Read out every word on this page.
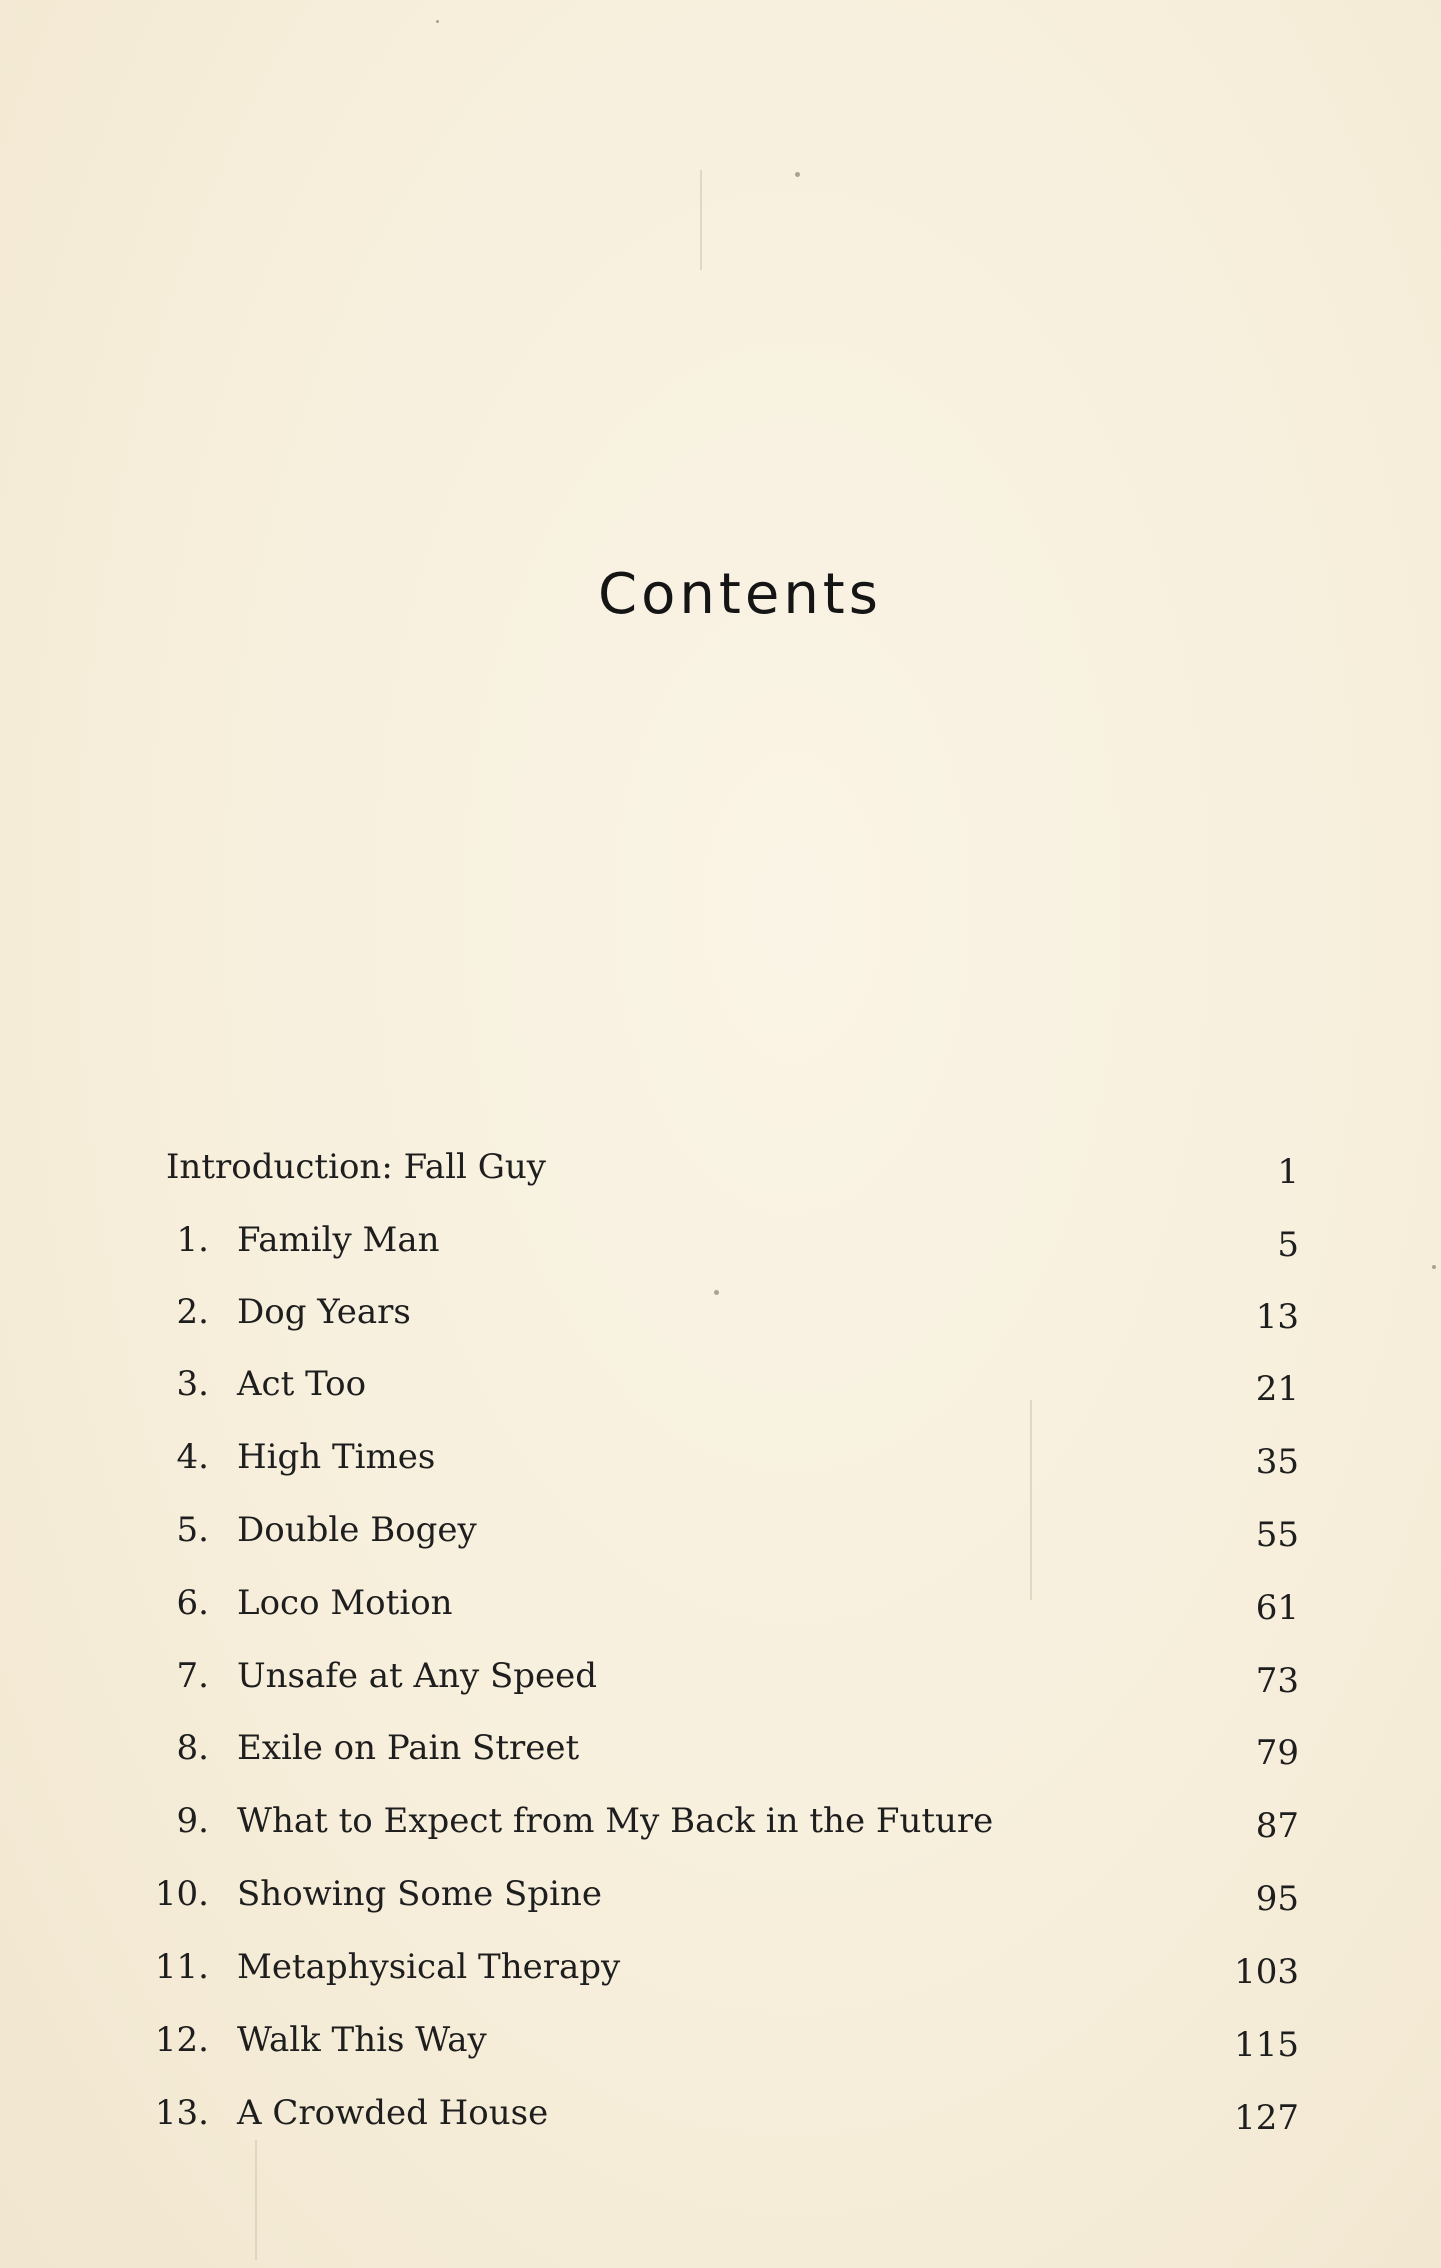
Contents
Introduction: Fall Guy	1
1. Family Man	5
2. Dog Years	13
3. Act Too	21
4. High Times	35
5. Double Bogey	55
6. Loco Motion	61
7. Unsafe at Any Speed	73
8. Exile on Pain Street	79
9. What to Expect from My Back in the Future	87
10. Showing Some Spine	95
11. Metaphysical Therapy	103
12. Walk This Way	115
13. A Crowded House	127
